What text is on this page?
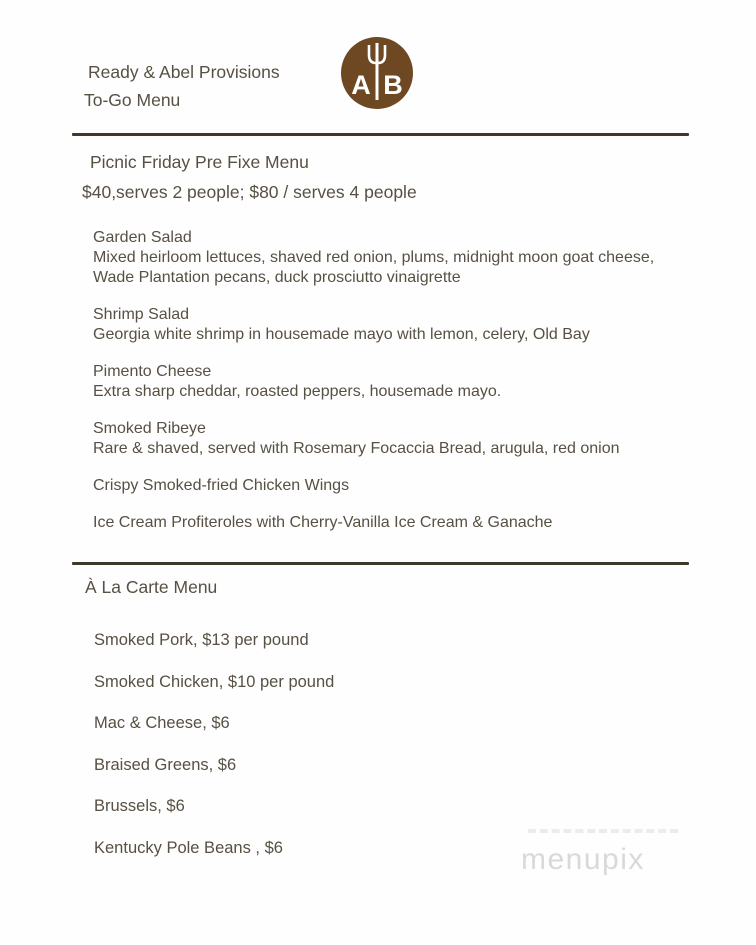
Ready & Abel Provisions
To-Go Menu	A B
Picnic Friday Pre Fixe Menu
$40,serves 2 people; $80 / serves 4 people
Garden Salad
Mixed heirloom lettuces, shaved red onion, plums, midnight moon goat cheese, Wade Plantation pecans, duck prosciutto vinaigrette
Shrimp Salad
Georgia white shrimp in housemade mayo with lemon, celery, Old Bay
Pimento Cheese
Extra sharp cheddar, roasted peppers, housemade mayo.
Smoked Ribeye
Rare & shaved, served with Rosemary Focaccia Bread, arugula, red onion
Crispy Smoked-fried Chicken Wings
Ice Cream Profiteroles with Cherry-Vanilla Ice Cream & Ganache
À La Carte Menu
Smoked Pork, $13 per pound
Smoked Chicken, $10 per pound
Mac & Cheese, $6
Braised Greens, $6
Brussels, $6
Kentucky Pole Beans , $6	menupix
